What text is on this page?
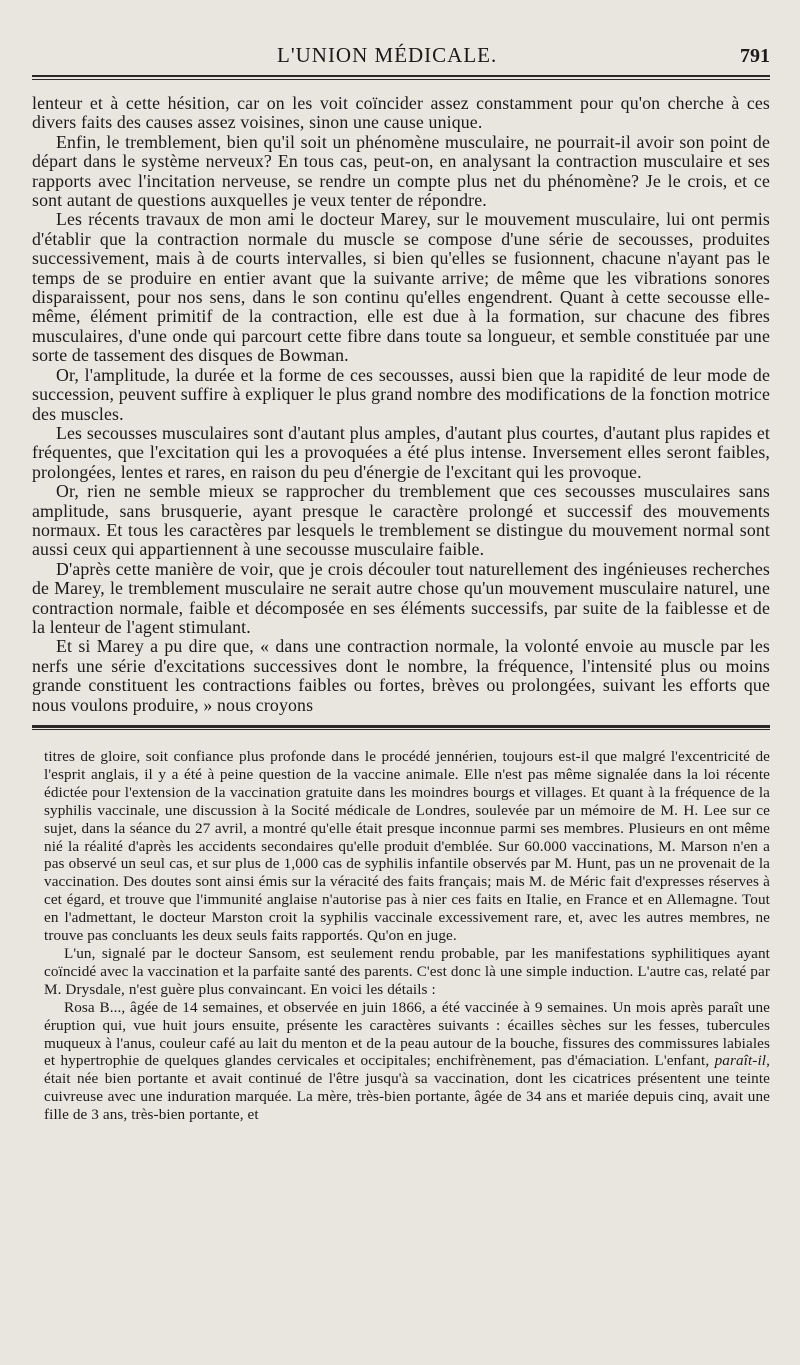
L'UNION MÉDICALE.	791

lenteur et à cette hésition, car on les voit coïncider assez constamment pour qu'on cherche à ces divers faits des causes assez voisines, sinon une cause unique.

Enfin, le tremblement, bien qu'il soit un phénomène musculaire, ne pourrait-il avoir son point de départ dans le système nerveux? En tous cas, peut-on, en analysant la contraction musculaire et ses rapports avec l'incitation nerveuse, se rendre un compte plus net du phénomène? Je le crois, et ce sont autant de questions auxquelles je veux tenter de répondre.

Les récents travaux de mon ami le docteur Marey, sur le mouvement musculaire, lui ont permis d'établir que la contraction normale du muscle se compose d'une série de secousses, produites successivement, mais à de courts intervalles, si bien qu'elles se fusionnent, chacune n'ayant pas le temps de se produire en entier avant que la suivante arrive; de même que les vibrations sonores disparaissent, pour nos sens, dans le son continu qu'elles engendrent. Quant à cette secousse elle-même, élément primitif de la contraction, elle est due à la formation, sur chacune des fibres musculaires, d'une onde qui parcourt cette fibre dans toute sa longueur, et semble constituée par une sorte de tassement des disques de Bowman.

Or, l'amplitude, la durée et la forme de ces secousses, aussi bien que la rapidité de leur mode de succession, peuvent suffire à expliquer le plus grand nombre des modifications de la fonction motrice des muscles.

Les secousses musculaires sont d'autant plus amples, d'autant plus courtes, d'autant plus rapides et fréquentes, que l'excitation qui les a provoquées a été plus intense. Inversement elles seront faibles, prolongées, lentes et rares, en raison du peu d'énergie de l'excitant qui les provoque.

Or, rien ne semble mieux se rapprocher du tremblement que ces secousses musculaires sans amplitude, sans brusquerie, ayant presque le caractère prolongé et successif des mouvements normaux. Et tous les caractères par lesquels le tremblement se distingue du mouvement normal sont aussi ceux qui appartiennent à une secousse musculaire faible.

D'après cette manière de voir, que je crois découler tout naturellement des ingénieuses recherches de Marey, le tremblement musculaire ne serait autre chose qu'un mouvement musculaire naturel, une contraction normale, faible et décomposée en ses éléments successifs, par suite de la faiblesse et de la lenteur de l'agent stimulant.

Et si Marey a pu dire que, « dans une contraction normale, la volonté envoie au muscle par les nerfs une série d'excitations successives dont le nombre, la fréquence, l'intensité plus ou moins grande constituent les contractions faibles ou fortes, brèves ou prolongées, suivant les efforts que nous voulons produire, » nous croyons

titres de gloire, soit confiance plus profonde dans le procédé jennérien, toujours est-il que malgré l'excentricité de l'esprit anglais, il y a été à peine question de la vaccine animale. Elle n'est pas même signalée dans la loi récente édictée pour l'extension de la vaccination gratuite dans les moindres bourgs et villages. Et quant à la fréquence de la syphilis vaccinale, une discussion à la Socité médicale de Londres, soulevée par un mémoire de M. H. Lee sur ce sujet, dans la séance du 27 avril, a montré qu'elle était presque inconnue parmi ses membres. Plusieurs en ont même nié la réalité d'après les accidents secondaires qu'elle produit d'emblée. Sur 60.000 vaccinations, M. Marson n'en a pas observé un seul cas, et sur plus de 1,000 cas de syphilis infantile observés par M. Hunt, pas un ne provenait de la vaccination. Des doutes sont ainsi émis sur la véracité des faits français; mais M. de Méric fait d'expresses réserves à cet égard, et trouve que l'immunité anglaise n'autorise pas à nier ces faits en Italie, en France et en Allemagne. Tout en l'admettant, le docteur Marston croit la syphilis vaccinale excessivement rare, et, avec les autres membres, ne trouve pas concluants les deux seuls faits rapportés. Qu'on en juge.

L'un, signalé par le docteur Sansom, est seulement rendu probable, par les manifestations syphilitiques ayant coïncidé avec la vaccination et la parfaite santé des parents. C'est donc là une simple induction. L'autre cas, relaté par M. Drysdale, n'est guère plus convaincant. En voici les détails :

Rosa B..., âgée de 14 semaines, et observée en juin 1866, a été vaccinée à 9 semaines. Un mois après paraît une éruption qui, vue huit jours ensuite, présente les caractères suivants : écailles sèches sur les fesses, tubercules muqueux à l'anus, couleur café au lait du menton et de la peau autour de la bouche, fissures des commissures labiales et hypertrophie de quelques glandes cervicales et occipitales; enchifrènement, pas d'émaciation. L'enfant, paraît-il, était née bien portante et avait continué de l'être jusqu'à sa vaccination, dont les cicatrices présentent une teinte cuivreuse avec une induration marquée. La mère, très-bien portante, âgée de 34 ans et mariée depuis cinq, avait une fille de 3 ans, très-bien portante, et
